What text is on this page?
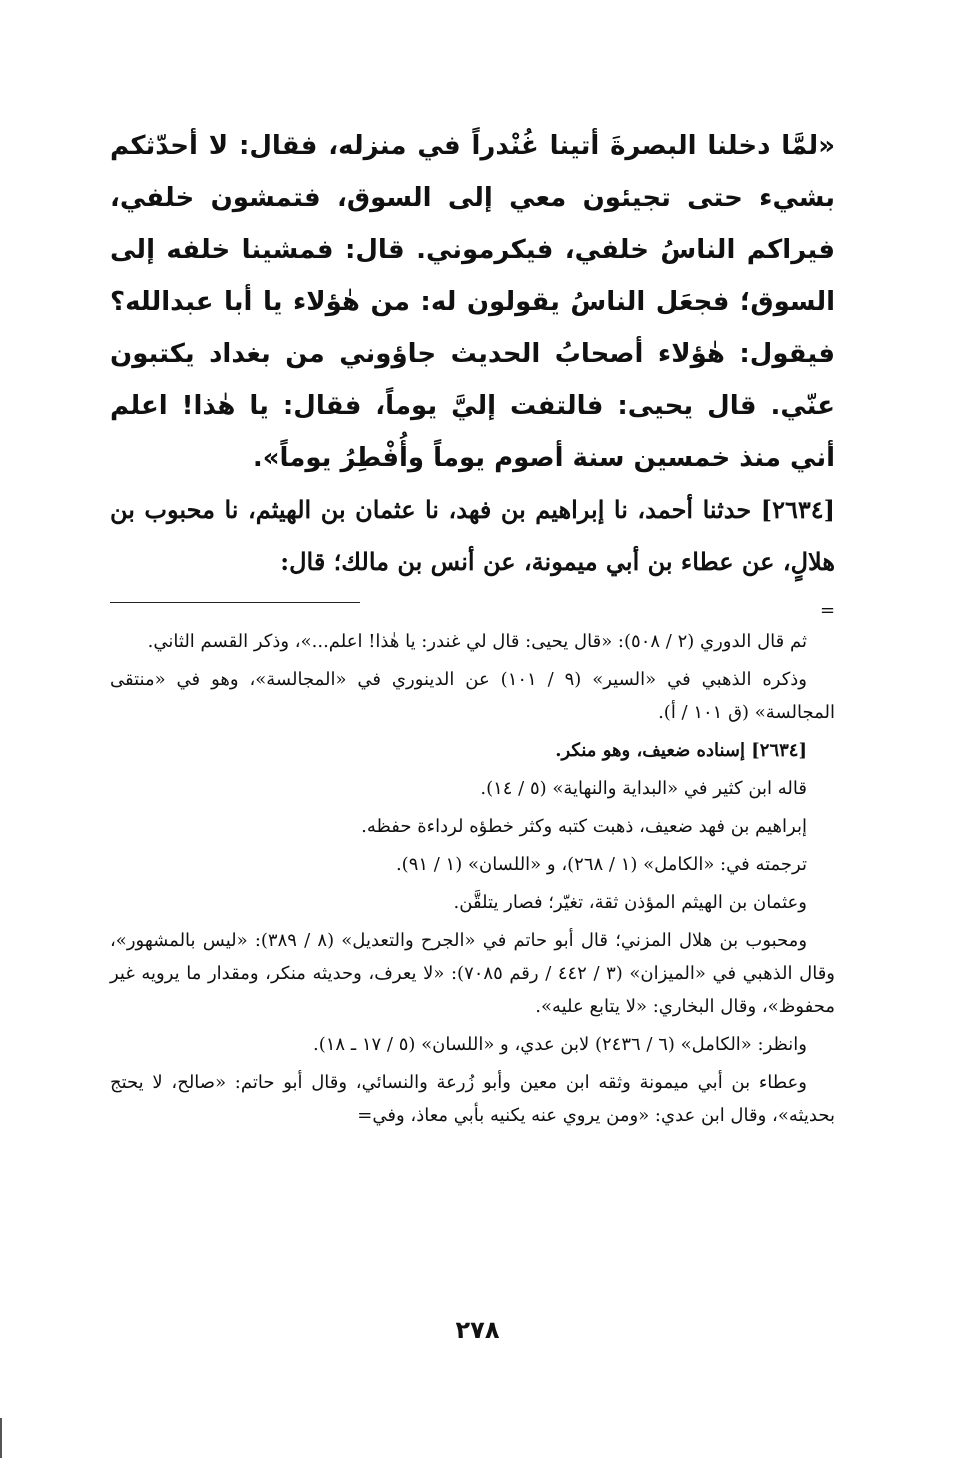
«لمَّا دخلنا البصرةَ أتينا غُنْدراً في منزله، فقال: لا أحدّثكم بشيء حتى تجيئون معي إلى السوق، فتمشون خلفي، فيراكم الناسُ خلفي، فيكرموني. قال: فمشينا خلفه إلى السوق؛ فجعَل الناسُ يقولون له: من هٰؤلاء يا أبا عبدالله؟ فيقول: هٰؤلاء أصحابُ الحديث جاؤوني من بغداد يكتبون عنّي. قال يحيى: فالتفت إليَّ يوماً، فقال: يا هٰذا! اعلم أني منذ خمسين سنة أصوم يوماً وأُفْطِرُ يوماً».

[٢٦٣٤] حدثنا أحمد، نا إبراهيم بن فهد، نا عثمان بن الهيثم، نا محبوب بن هلالٍ، عن عطاء بن أبي ميمونة، عن أنس بن مالك؛ قال:

ثم قال الدوري (٢ / ٥٠٨): «قال يحيى: قال لي غندر: يا هٰذا! اعلم...»، وذكر القسم الثاني.

وذكره الذهبي في «السير» (٩ / ١٠١) عن الدينوري في «المجالسة»، وهو في «منتقى المجالسة» (ق ١٠١ / أ).

[٢٦٣٤] إسناده ضعيف، وهو منكر.

قاله ابن كثير في «البداية والنهاية» (٥ / ١٤).

إبراهيم بن فهد ضعيف، ذهبت كتبه وكثر خطؤه لرداءة حفظه.

ترجمته في: «الكامل» (١ / ٢٦٨)، و «اللسان» (١ / ٩١).

وعثمان بن الهيثم المؤذن ثقة، تغيّر؛ فصار يتلقَّن.

ومحبوب بن هلال المزني؛ قال أبو حاتم في «الجرح والتعديل» (٨ / ٣٨٩): «ليس بالمشهور»، وقال الذهبي في «الميزان» (٣ / ٤٤٢ / رقم ٧٠٨٥): «لا يعرف، وحديثه منكر، ومقدار ما يرويه غير محفوظ»، وقال البخاري: «لا يتابع عليه».

وانظر: «الكامل» (٦ / ٢٤٣٦) لابن عدي، و «اللسان» (٥ / ١٧ ـ ١٨).

وعطاء بن أبي ميمونة وثقه ابن معين وأبو زُرعة والنسائي، وقال أبو حاتم: «صالح، لا يحتج بحديثه»، وقال ابن عدي: «ومن يروي عنه يكنيه بأبي معاذ، وفي=

=
٢٧٨
